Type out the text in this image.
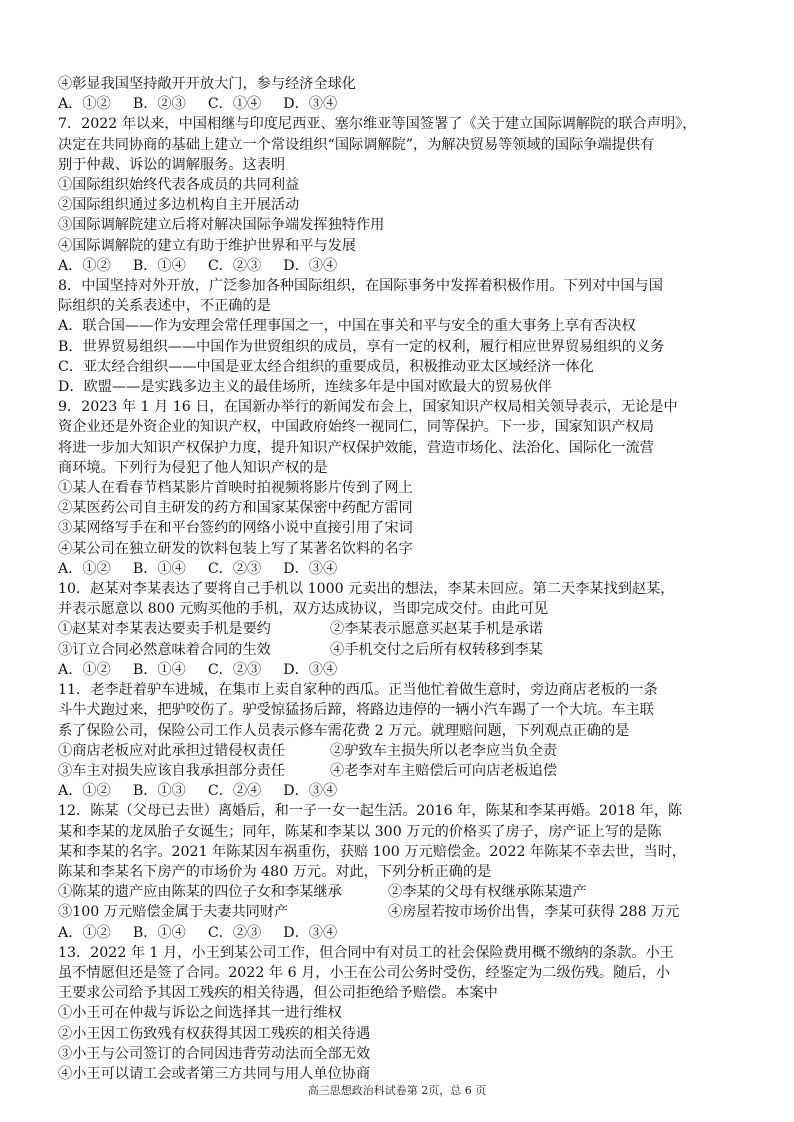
④彰显我国坚持敞开开放大门，参与经济全球化
A．①② B．②③ C．①④ D．③④
7．2022 年以来，中国相继与印度尼西亚、塞尔维亚等国签署了《关于建立国际调解院的联合声明》，
决定在共同协商的基础上建立一个常设组织“国际调解院”，为解决贸易等领域的国际争端提供有
别于仲裁、诉讼的调解服务。这表明
①国际组织始终代表各成员的共同利益
②国际组织通过多边机构自主开展活动
③国际调解院建立后将对解决国际争端发挥独特作用
④国际调解院的建立有助于维护世界和平与发展
A．①② B．①④ C．②③ D．③④
8．中国坚持对外开放，广泛参加各种国际组织，在国际事务中发挥着积极作用。下列对中国与国
际组织的关系表述中，不正确的是
A．联合国——作为安理会常任理事国之一，中国在事关和平与安全的重大事务上享有否决权
B．世界贸易组织——中国作为世贸组织的成员，享有一定的权利，履行相应世界贸易组织的义务
C．亚太经合组织——中国是亚太经合组织的重要成员，积极推动亚太区域经济一体化
D．欧盟——是实践多边主义的最佳场所，连续多年是中国对欧最大的贸易伙伴
9．2023 年 1 月 16 日，在国新办举行的新闻发布会上，国家知识产权局相关领导表示，无论是中
资企业还是外资企业的知识产权，中国政府始终一视同仁，同等保护。下一步，国家知识产权局
将进一步加大知识产权保护力度，提升知识产权保护效能，营造市场化、法治化、国际化一流营
商环境。下列行为侵犯了他人知识产权的是
①某人在看春节档某影片首映时拍视频将影片传到了网上
②某医药公司自主研发的药方和国家某保密中药配方雷同
③某网络写手在和平台签约的网络小说中直接引用了宋词
④某公司在独立研发的饮料包装上写了某著名饮料的名字
A．①② B．①④ C．②③ D．③④
10．赵某对李某表达了要将自己手机以 1000 元卖出的想法，李某未回应。第二天李某找到赵某，
并表示愿意以 800 元购买他的手机，双方达成协议，当即完成交付。由此可见
①赵某对李某表达要卖手机是要约	②李某表示愿意买赵某手机是承诺
③订立合同必然意味着合同的生效	④手机交付之后所有权转移到李某
A．①② B．①④ C．②③ D．③④
11．老李赶着驴车进城，在集市上卖自家种的西瓜。正当他忙着做生意时，旁边商店老板的一条
斗牛犬跑过来，把驴咬伤了。驴受惊猛扬后蹄，将路边违停的一辆小汽车踢了一个大坑。车主联
系了保险公司，保险公司工作人员表示修车需花费 2 万元。就理赔问题，下列观点正确的是
①商店老板应对此承担过错侵权责任	②驴致车主损失所以老李应当负全责
③车主对损失应该自我承担部分责任	④老李对车主赔偿后可向店老板追偿
A．①② B．①③ C．②④ D．③④
12．陈某（父母已去世）离婚后，和一子一女一起生活。2016 年，陈某和李某再婚。2018 年，陈
某和李某的龙凤胎子女诞生；同年，陈某和李某以 300 万元的价格买了房子，房产证上写的是陈
某和李某的名字。2021 年陈某因车祸重伤，获赔 100 万元赔偿金。2022 年陈某不幸去世，当时，
陈某和李某名下房产的市场价为 480 万元。对此，下列分析正确的是
①陈某的遗产应由陈某的四位子女和李某继承	②李某的父母有权继承陈某遗产
③100 万元赔偿金属于夫妻共同财产	④房屋若按市场价出售，李某可获得 288 万元
A．①② B．①④ C．②③ D．③④
13．2022 年 1 月，小王到某公司工作，但合同中有对员工的社会保险费用概不缴纳的条款。小王
虽不情愿但还是签了合同。2022 年 6 月，小王在公司公务时受伤，经鉴定为二级伤残。随后，小
王要求公司给予其因工残疾的相关待遇，但公司拒绝给予赔偿。本案中
①小王可在仲裁与诉讼之间选择其一进行维权
②小王因工伤致残有权获得其因工残疾的相关待遇
③小王与公司签订的合同因违背劳动法而全部无效
④小王可以请工会或者第三方共同与用人单位协商
高三思想政治科试卷第 2页，总 6 页
